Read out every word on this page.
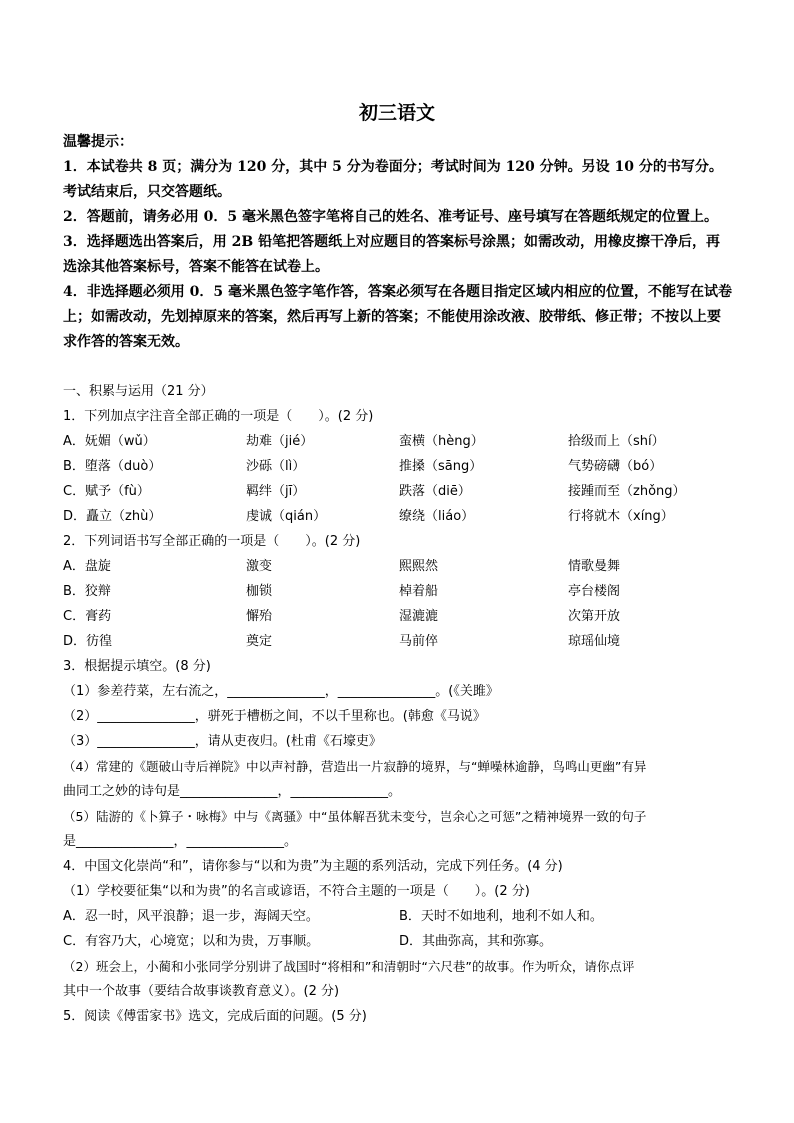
初三语文
温馨提示：
1．本试卷共 8 页；满分为 120 分，其中 5 分为卷面分；考试时间为 120 分钟。另设 10 分的书写分。考试结束后，只交答题纸。
2．答题前，请务必用 0．5 毫米黑色签字笔将自己的姓名、准考证号、座号填写在答题纸规定的位置上。
3．选择题选出答案后，用 2B 铅笔把答题纸上对应题目的答案标号涂黑；如需改动，用橡皮擦干净后，再选涂其他答案标号，答案不能答在试卷上。
4．非选择题必须用 0．5 毫米黑色签字笔作答，答案必须写在各题目指定区域内相应的位置，不能写在试卷上；如需改动，先划掉原来的答案，然后再写上新的答案；不能使用涂改液、胶带纸、修正带；不按以上要求作答的答案无效。
一、积累与运用（21 分）
1．下列加点字注音全部正确的一项是（　　）。(2 分)
A．妩媚（wǔ）	劫难（jié）	蛮横（hèng）	拾级而上（shí）
B．堕落（duò）	沙砾（lì）	推搡（sāng）	气势磅礴（bó）
C．赋予（fù）	羁绊（jī）	跌落（diē）	接踵而至（zhǒng）
D．矗立（zhù）	虔诚（qián）	缭绕（liáo）	行将就木（xíng）
2．下列词语书写全部正确的一项是（　　）。(2 分)
A．盘旋	激变	熙熙然	情歌曼舞
B．狡辩	枷锁	棹着船	亭台楼阁
C．膏药	懈殆	湿漉漉	次第开放
D．彷徨	奠定	马前倅	琼瑶仙境
3．根据提示填空。(8 分)
（1）参差荇菜，左右流之，_______________，_______________。(《关雎》
（2）_______________，骈死于槽枥之间，不以千里称也。(韩愈《马说》
（3）_______________，请从吏夜归。(杜甫《石壕吏》
（4）常建的《题破山寺后禅院》中以声衬静，营造出一片寂静的境界，与“蝉噪林逾静，鸟鸣山更幽”有异
曲同工之妙的诗句是_______________，_______________。
（5）陆游的《卜算子・咏梅》中与《离骚》中“虽体解吾犹未变兮，岂余心之可惩”之精神境界一致的句子
是_______________，_______________。
4．中国文化崇尚“和”，请你参与“以和为贵”为主题的系列活动，完成下列任务。(4 分)
（1）学校要征集“以和为贵”的名言或谚语，不符合主题的一项是（　　）。(2 分)
A．忍一时，风平浪静；退一步，海阔天空。	B．天时不如地利，地利不如人和。
C．有容乃大，心境宽；以和为贵，万事顺。	D．其曲弥高，其和弥寡。
（2）班会上，小蔺和小张同学分别讲了战国时“将相和”和清朝时“六尺巷”的故事。作为听众，请你点评
其中一个故事（要结合故事谈教育意义）。(2 分)
5．阅读《傅雷家书》选文，完成后面的问题。(5 分)
